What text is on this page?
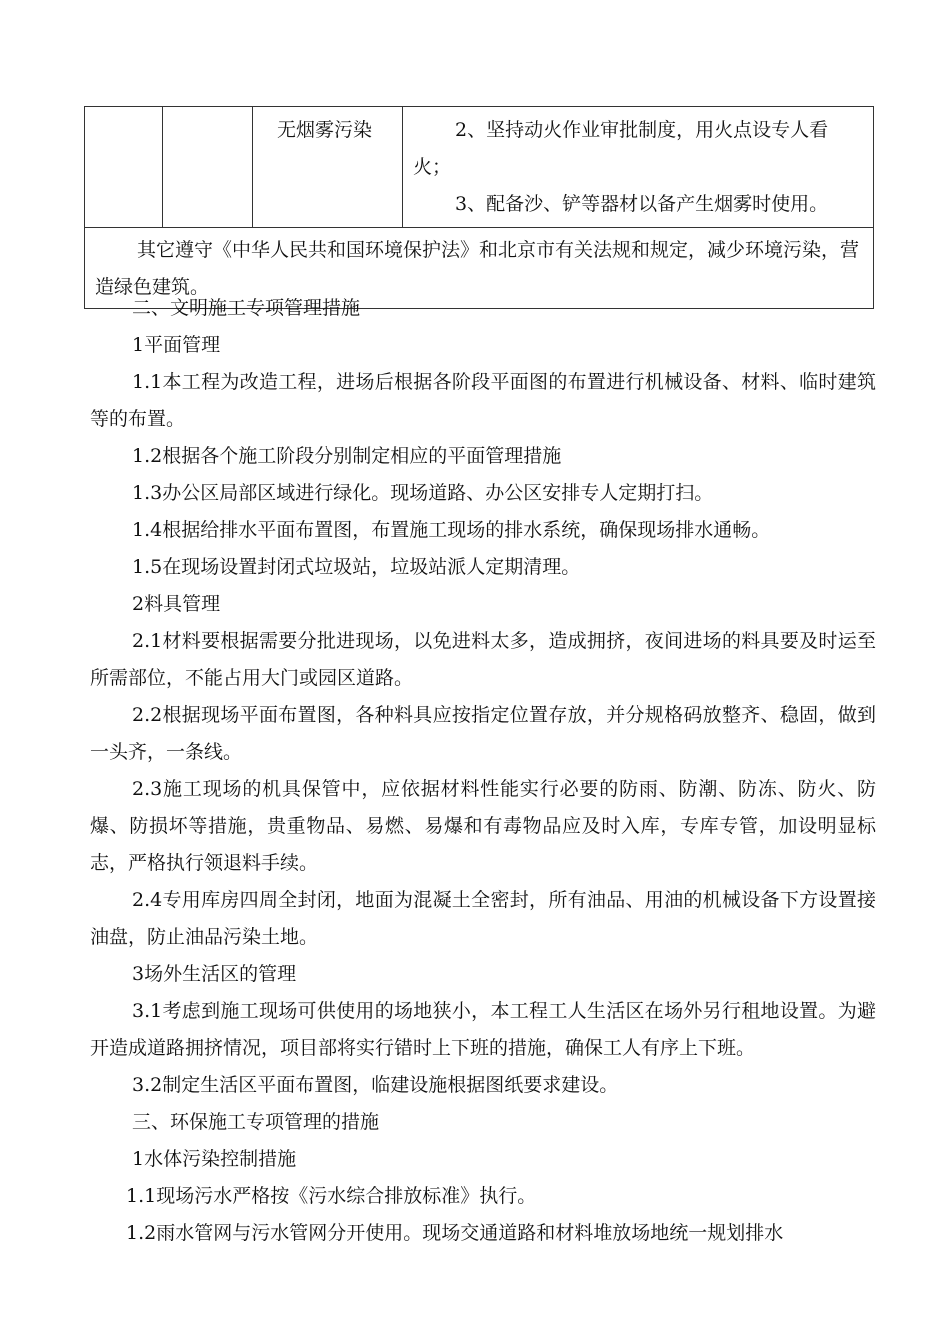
		无烟雾污染	2、坚持动火作业审批制度，用火点设专人看

火；

3、配备沙、铲等器材以备产生烟雾时使用。

其它遵守《中华人民共和国环境保护法》和北京市有关法规和规定，减少环境污染，营造绿色建筑。

二、文明施工专项管理措施

1平面管理

1.1本工程为改造工程，进场后根据各阶段平面图的布置进行机械设备、材料、临时建筑等的布置。

1.2根据各个施工阶段分别制定相应的平面管理措施

1.3办公区局部区域进行绿化。现场道路、办公区安排专人定期打扫。

1.4根据给排水平面布置图，布置施工现场的排水系统，确保现场排水通畅。

1.5在现场设置封闭式垃圾站，垃圾站派人定期清理。

2料具管理

2.1材料要根据需要分批进现场，以免进料太多，造成拥挤，夜间进场的料具要及时运至所需部位，不能占用大门或园区道路。

2.2根据现场平面布置图，各种料具应按指定位置存放，并分规格码放整齐、稳固，做到一头齐，一条线。

2.3施工现场的机具保管中，应依据材料性能实行必要的防雨、防潮、防冻、防火、防爆、防损坏等措施，贵重物品、易燃、易爆和有毒物品应及时入库，专库专管，加设明显标志，严格执行领退料手续。

2.4专用库房四周全封闭，地面为混凝土全密封，所有油品、用油的机械设备下方设置接油盘，防止油品污染土地。

3场外生活区的管理

3.1考虑到施工现场可供使用的场地狭小，本工程工人生活区在场外另行租地设置。为避开造成道路拥挤情况，项目部将实行错时上下班的措施，确保工人有序上下班。

3.2制定生活区平面布置图，临建设施根据图纸要求建设。

三、环保施工专项管理的措施

1水体污染控制措施

1.1现场污水严格按《污水综合排放标准》执行。

1.2雨水管网与污水管网分开使用。现场交通道路和材料堆放场地统一规划排水
